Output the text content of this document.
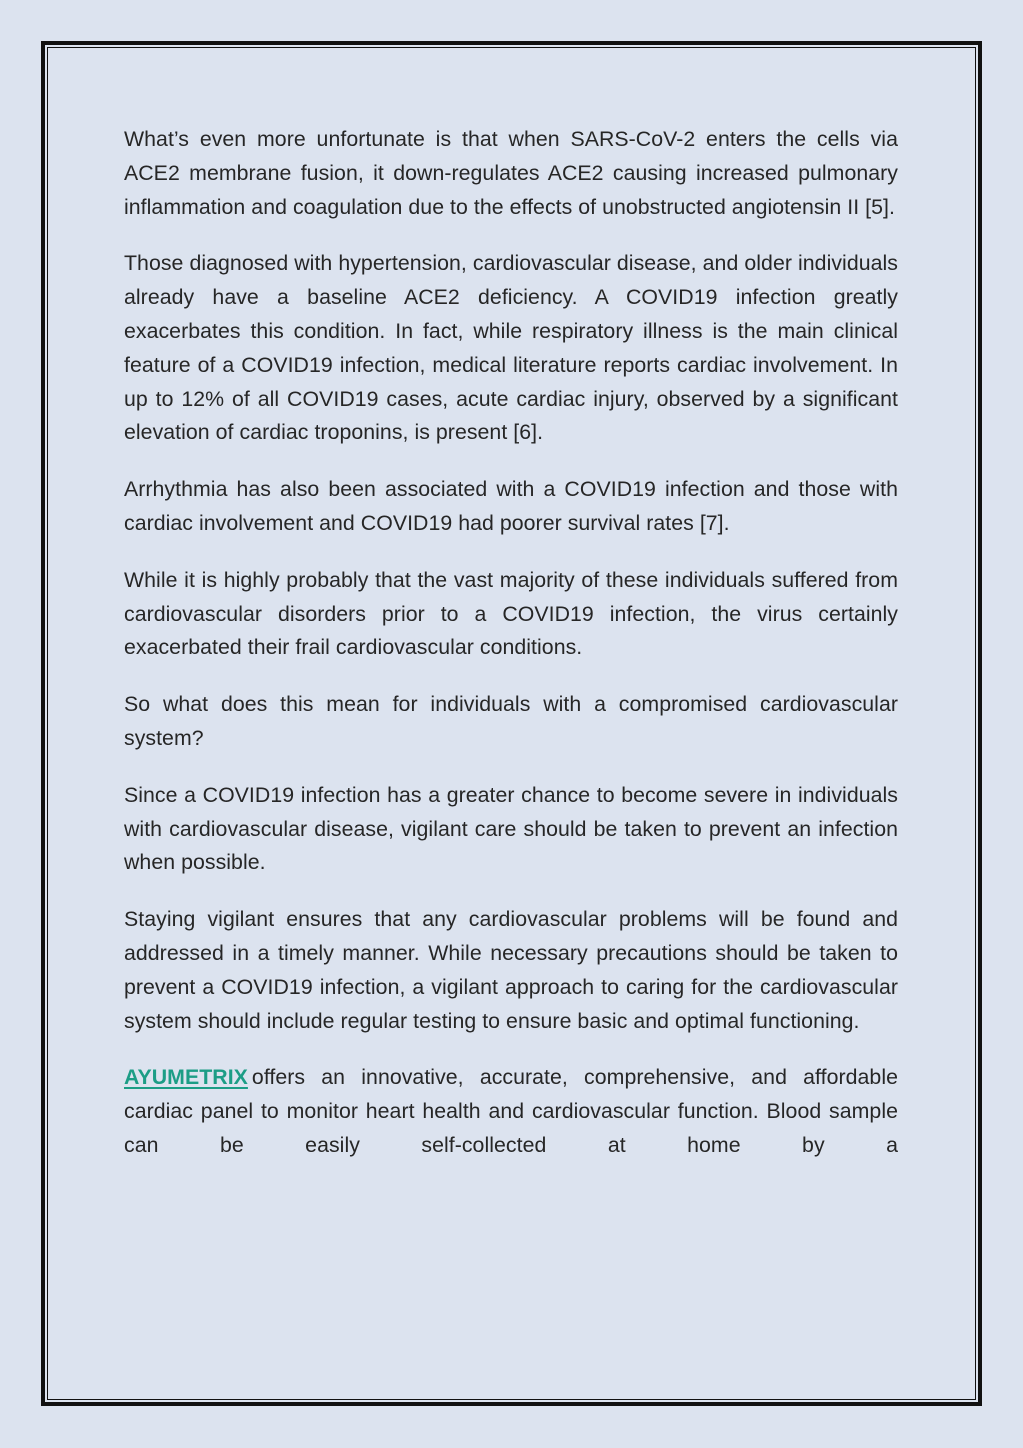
What’s even more unfortunate is that when SARS-CoV-2 enters the cells via ACE2 membrane fusion, it down-regulates ACE2 causing increased pulmonary inflammation and coagulation due to the effects of unobstructed angiotensin II [5].

Those diagnosed with hypertension, cardiovascular disease, and older individuals already have a baseline ACE2 deficiency. A COVID19 infection greatly exacerbates this condition. In fact, while respiratory illness is the main clinical feature of a COVID19 infection, medical literature reports cardiac involvement. In up to 12% of all COVID19 cases, acute cardiac injury, observed by a significant elevation of cardiac troponins, is present [6].

Arrhythmia has also been associated with a COVID19 infection and those with cardiac involvement and COVID19 had poorer survival rates [7].

While it is highly probably that the vast majority of these individuals suffered from cardiovascular disorders prior to a COVID19 infection, the virus certainly exacerbated their frail cardiovascular conditions.

So what does this mean for individuals with a compromised cardiovascular system?

Since a COVID19 infection has a greater chance to become severe in individuals with cardiovascular disease, vigilant care should be taken to prevent an infection when possible.

Staying vigilant ensures that any cardiovascular problems will be found and addressed in a timely manner. While necessary precautions should be taken to prevent a COVID19 infection, a vigilant approach to caring for the cardiovascular system should include regular testing to ensure basic and optimal functioning.

AYUMETRIX offers an innovative, accurate, comprehensive, and affordable cardiac panel to monitor heart health and cardiovascular function. Blood sample can be easily self-collected at home by a
